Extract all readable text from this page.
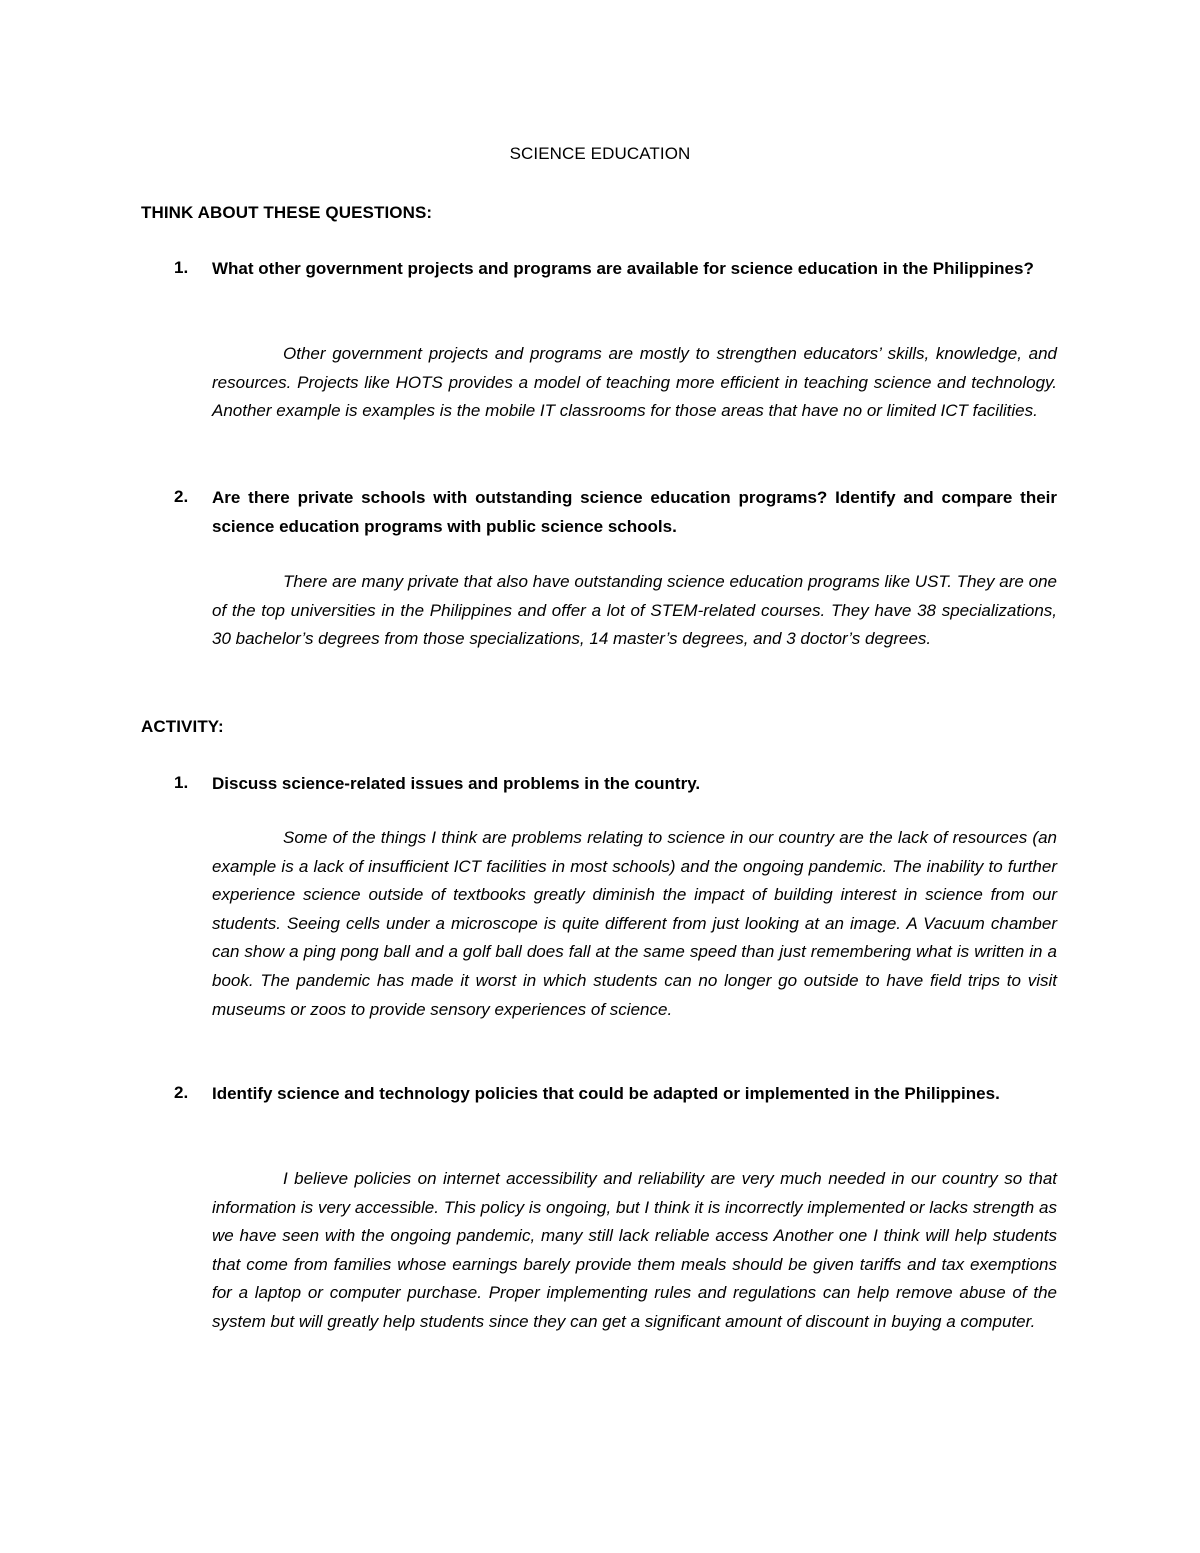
SCIENCE EDUCATION
THINK ABOUT THESE QUESTIONS:
1. What other government projects and programs are available for science education in the Philippines?
Other government projects and programs are mostly to strengthen educators’ skills, knowledge, and resources. Projects like HOTS provides a model of teaching more efficient in teaching science and technology. Another example is examples is the mobile IT classrooms for those areas that have no or limited ICT facilities.
2. Are there private schools with outstanding science education programs? Identify and compare their science education programs with public science schools.
There are many private that also have outstanding science education programs like UST. They are one of the top universities in the Philippines and offer a lot of STEM-related courses. They have 38 specializations, 30 bachelor’s degrees from those specializations, 14 master’s degrees, and 3 doctor’s degrees.
ACTIVITY:
1. Discuss science-related issues and problems in the country.
Some of the things I think are problems relating to science in our country are the lack of resources (an example is a lack of insufficient ICT facilities in most schools) and the ongoing pandemic. The inability to further experience science outside of textbooks greatly diminish the impact of building interest in science from our students. Seeing cells under a microscope is quite different from just looking at an image. A Vacuum chamber can show a ping pong ball and a golf ball does fall at the same speed than just remembering what is written in a book. The pandemic has made it worst in which students can no longer go outside to have field trips to visit museums or zoos to provide sensory experiences of science.
2. Identify science and technology policies that could be adapted or implemented in the Philippines.
I believe policies on internet accessibility and reliability are very much needed in our country so that information is very accessible. This policy is ongoing, but I think it is incorrectly implemented or lacks strength as we have seen with the ongoing pandemic, many still lack reliable access Another one I think will help students that come from families whose earnings barely provide them meals should be given tariffs and tax exemptions for a laptop or computer purchase. Proper implementing rules and regulations can help remove abuse of the system but will greatly help students since they can get a significant amount of discount in buying a computer.
